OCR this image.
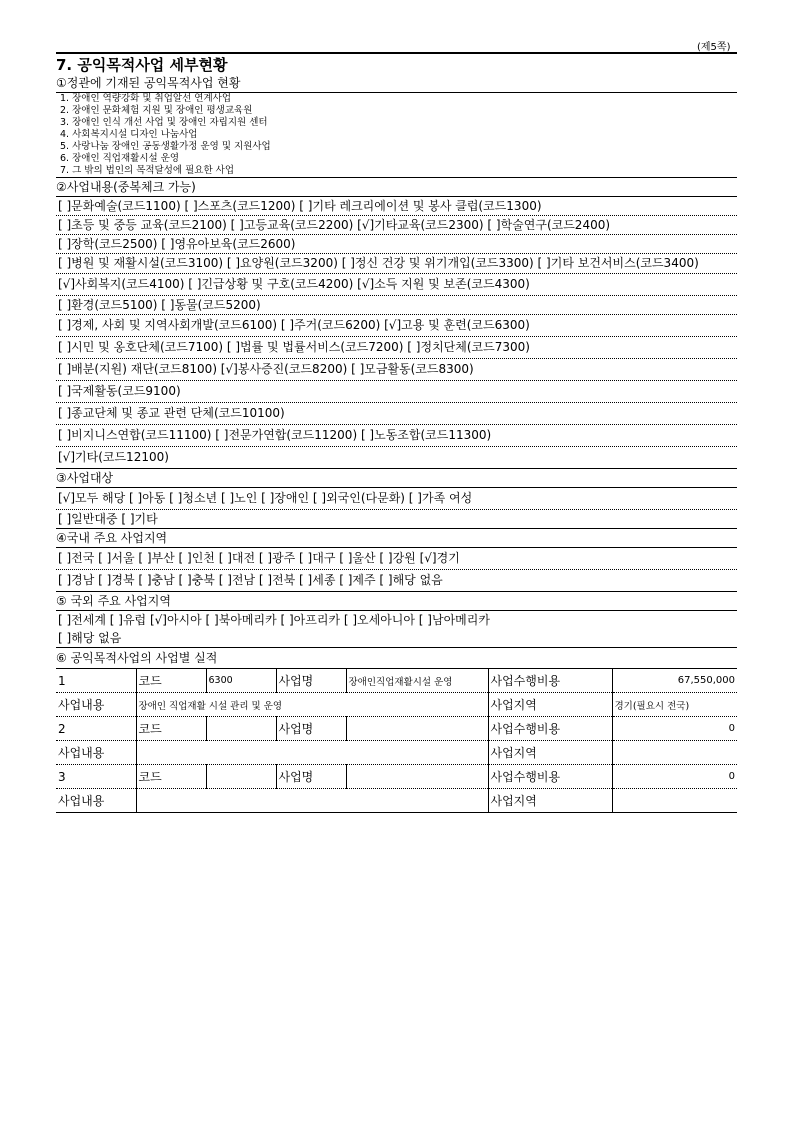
(제5쪽)
7. 공익목적사업 세부현황
①정관에 기재된 공익목적사업 현황
1. 장애인 역량강화 및 취업알선 연계사업
2. 장애인 문화체험 지원 및 장애인 평생교육원
3. 장애인 인식 개선 사업 및 장애인 자립지원 센터
4. 사회복지시설 디자인 나눔사업
5. 사랑나눔 장애인 공동생활가정 운영 및 지원사업
6. 장애인 직업재활시설 운영
7. 그 밖의 법인의 목적달성에 필요한 사업
②사업내용(중복체크 가능)
[ ]문화예술(코드1100) [ ]스포츠(코드1200) [ ]기타 레크리에이션 및 봉사 클럽(코드1300)
[ ]초등 및 중등 교육(코드2100) [ ]고등교육(코드2200) [√]기타교육(코드2300) [ ]학술연구(코드2400)
[ ]장학(코드2500) [ ]영유아보육(코드2600)
[ ]병원 및 재활시설(코드3100) [ ]요양원(코드3200) [ ]정신 건강 및 위기개입(코드3300) [ ]기타 보건서비스(코드3400)
[√]사회복지(코드4100) [ ]긴급상황 및 구호(코드4200) [√]소득 지원 및 보존(코드4300)
[ ]환경(코드5100) [ ]동물(코드5200)
[ ]경제, 사회 및 지역사회개발(코드6100) [ ]주거(코드6200) [√]고용 및 훈련(코드6300)
[ ]시민 및 옹호단체(코드7100) [ ]법률 및 법률서비스(코드7200) [ ]정치단체(코드7300)
[ ]배분(지원) 재단(코드8100) [√]봉사증진(코드8200) [ ]모금활동(코드8300)
[ ]국제활동(코드9100)
[ ]종교단체 및 종교 관련 단체(코드10100)
[ ]비지니스연합(코드11100) [ ]전문가연합(코드11200) [ ]노동조합(코드11300)
[√]기타(코드12100)
③사업대상
[√]모두 해당 [ ]아동 [ ]청소년 [ ]노인 [ ]장애인 [ ]외국인(다문화) [ ]가족 여성
[ ]일반대중 [ ]기타
④국내 주요 사업지역
[ ]전국 [ ]서울 [ ]부산 [ ]인천 [ ]대전 [ ]광주 [ ]대구 [ ]울산 [ ]강원 [√]경기
[ ]경남 [ ]경북 [ ]충남 [ ]충북 [ ]전남 [ ]전북 [ ]세종 [ ]제주 [ ]해당 없음
⑤ 국외 주요 사업지역
[ ]전세계 [ ]유럽 [√]아시아 [ ]북아메리카 [ ]아프리카 [ ]오세아니아 [ ]남아메리카
[ ]해당 없음
⑥ 공익목적사업의 사업별 실적
1	코드	6300	사업명	장애인직업재활시설 운영	사업수행비용	67,550,000
사업내용	장애인 직업재활 시설 관리 및 운영				사업지역	경기(필요시 전국)
2	코드		사업명		사업수행비용	0
사업내용					사업지역	
3	코드		사업명		사업수행비용	0
사업내용					사업지역	
